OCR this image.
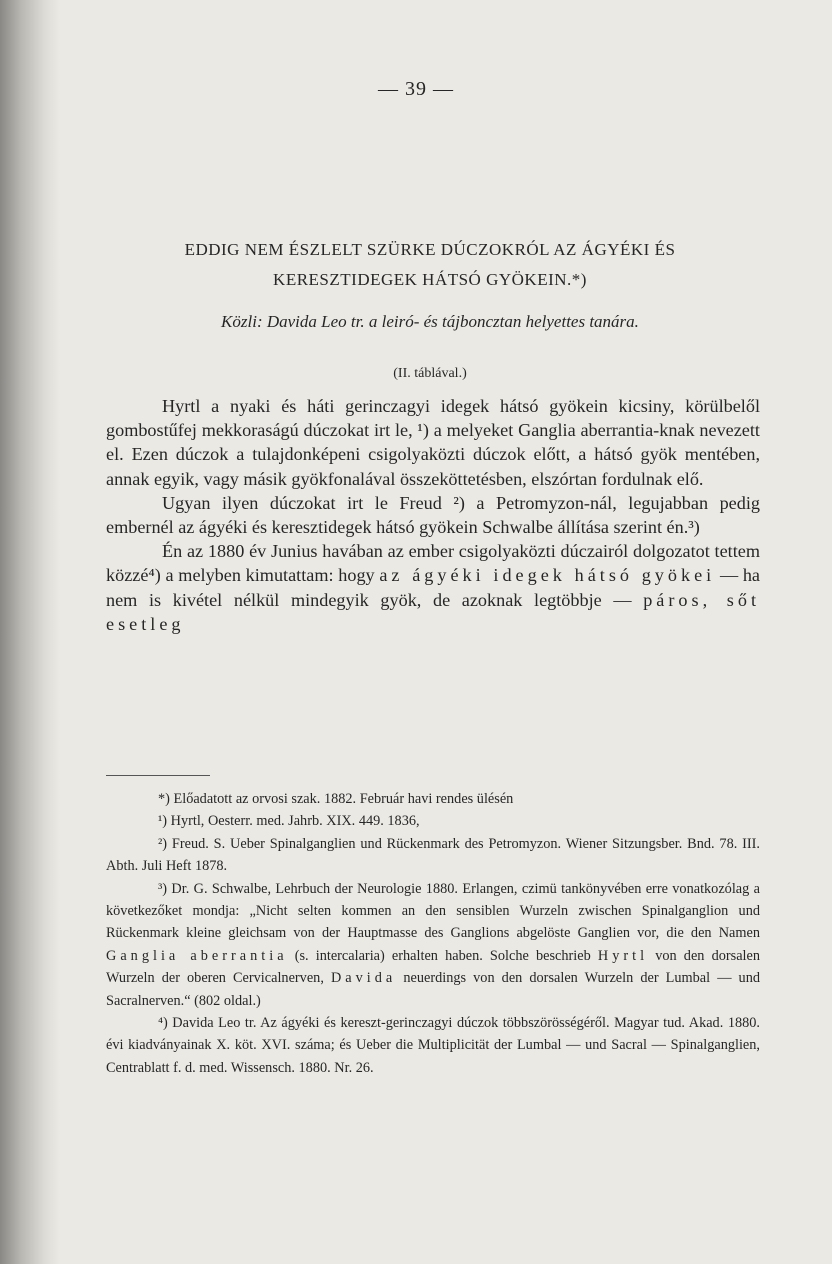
— 39 —
EDDIG NEM ÉSZLELT SZÜRKE DÚCZOKRÓL AZ ÁGYÉKI ÉS
KERESZTIDEGEK HÁTSÓ GYÖKEIN.*)
Közli: Davida Leo tr. a leiró- és tájboncztan helyettes tanára.
(II. táblával.)

Hyrtl a nyaki és háti gerinczagyi idegek hátsó gyökein kicsiny, körülbelől gombostűfej mekkoraságú dúczokat irt le, ¹) a melyeket Ganglia aberrantia-knak nevezett el. Ezen dúczok a tulajdonképeni csigolyaközti dúczok előtt, a hátsó gyök mentében, annak egyik, vagy másik gyökfonalával összeköttetésben, elszórtan fordulnak elő.

Ugyan ilyen dúczokat irt le Freud ²) a Petromyzon-nál, legujabban pedig embernél az ágyéki és keresztidegek hátsó gyökein Schwalbe állítása szerint én.³)

Én az 1880 év Junius havában az ember csigolyaközti dúczairól dolgozatot tettem közzé⁴) a melyben kimutattam: hogy az ágyéki idegek hátsó gyökei — ha nem is kivétel nélkül mindegyik gyök, de azoknak legtöbbje — páros, sőt esetleg

*) Előadatott az orvosi szak. 1882. Február havi rendes ülésén

¹) Hyrtl, Oesterr. med. Jahrb. XIX. 449. 1836,

²) Freud. S. Ueber Spinalganglien und Rückenmark des Petromyzon. Wiener Sitzungsber. Bnd. 78. III. Abth. Juli Heft 1878.

³) Dr. G. Schwalbe, Lehrbuch der Neurologie 1880. Erlangen, czimü tankönyvében erre vonatkozólag a következőket mondja: „Nicht selten kommen an den sensiblen Wurzeln zwischen Spinalganglion und Rückenmark kleine gleichsam von der Hauptmasse des Ganglions abgelöste Ganglien vor, die den Namen Ganglia aberrantia (s. intercalaria) erhalten haben. Solche beschrieb Hyrtl von den dorsalen Wurzeln der oberen Cervicalnerven, Davida neuerdings von den dorsalen Wurzeln der Lumbal — und Sacralnerven.“ (802 oldal.)

⁴) Davida Leo tr. Az ágyéki és kereszt-gerinczagyi dúczok többszörösségéről. Magyar tud. Akad. 1880. évi kiadványainak X. köt. XVI. száma; és Ueber die Multiplicität der Lumbal — und Sacral — Spinalganglien, Centrablatt f. d. med. Wissensch. 1880. Nr. 26.
